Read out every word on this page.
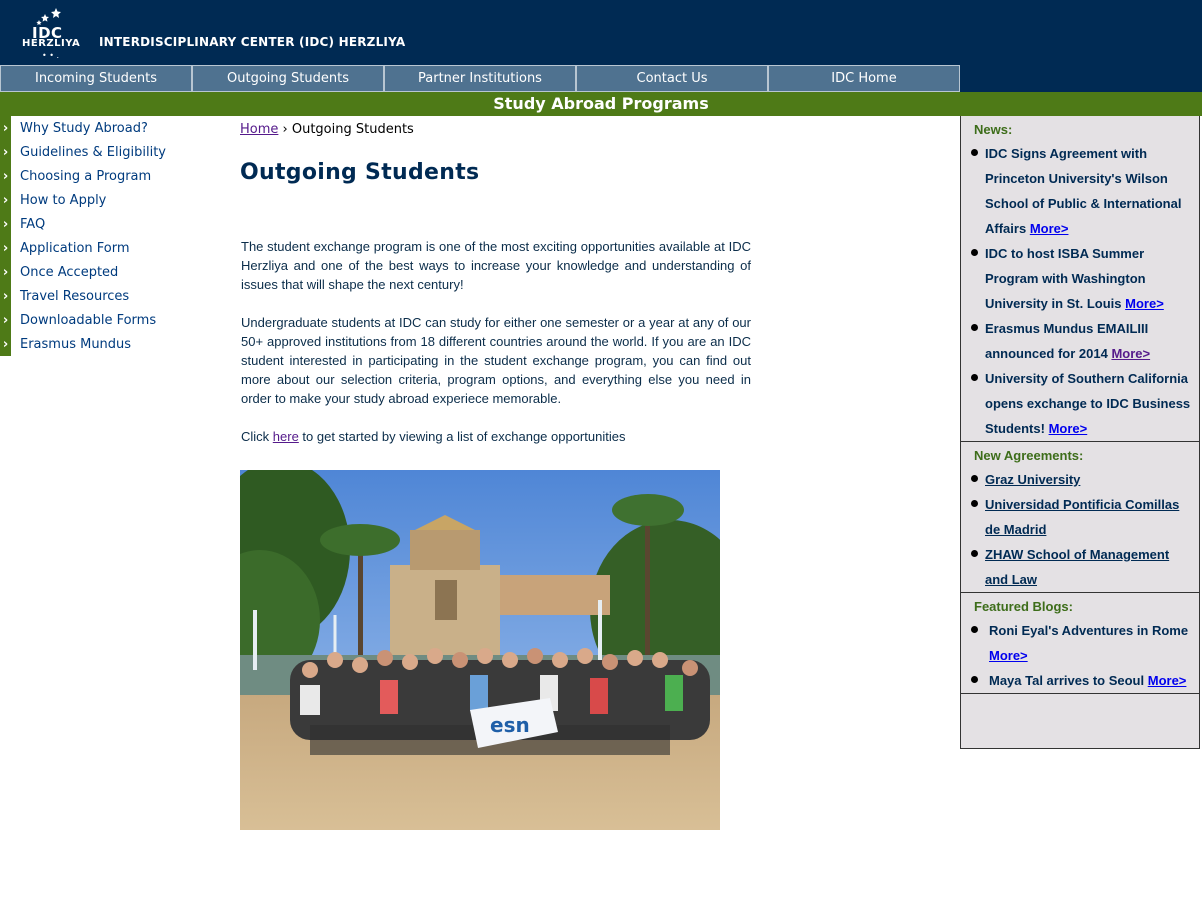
IDC
HERZLIYA
• • .
INTERDISCIPLINARY CENTER (IDC) HERZLIYA
Incoming Students	Outgoing Students	Partner Institutions	Contact Us	IDC Home
Study Abroad Programs
› Why Study Abroad?
› Guidelines & Eligibility
› Choosing a Program
› How to Apply
› FAQ
› Application Form
› Once Accepted
› Travel Resources
› Downloadable Forms
› Erasmus Mundus
Home › Outgoing Students
Outgoing Students

The student exchange program is one of the most exciting opportunities available at IDC Herzliya and one of the best ways to increase your knowledge and understanding of issues that will shape the next century!

Undergraduate students at IDC can study for either one semester or a year at any of our 50+ approved institutions from 18 different countries around the world. If you are an IDC student interested in participating in the student exchange program, you can find out more about our selection criteria, program options, and everything else you need in order to make your study abroad experiece memorable.

Click here to get started by viewing a list of exchange opportunities

esn
News:
IDC Signs Agreement with Princeton University's Wilson School of Public & International Affairs More>
IDC to host ISBA Summer Program with Washington University in St. Louis More>
Erasmus Mundus EMAILIII announced for 2014 More>
University of Southern California opens exchange to IDC Business Students! More>
New Agreements:
Graz University
Universidad Pontificia Comillas de Madrid
ZHAW School of Management and Law
Featured Blogs:
Roni Eyal's Adventures in Rome More>
Maya Tal arrives to Seoul More>
